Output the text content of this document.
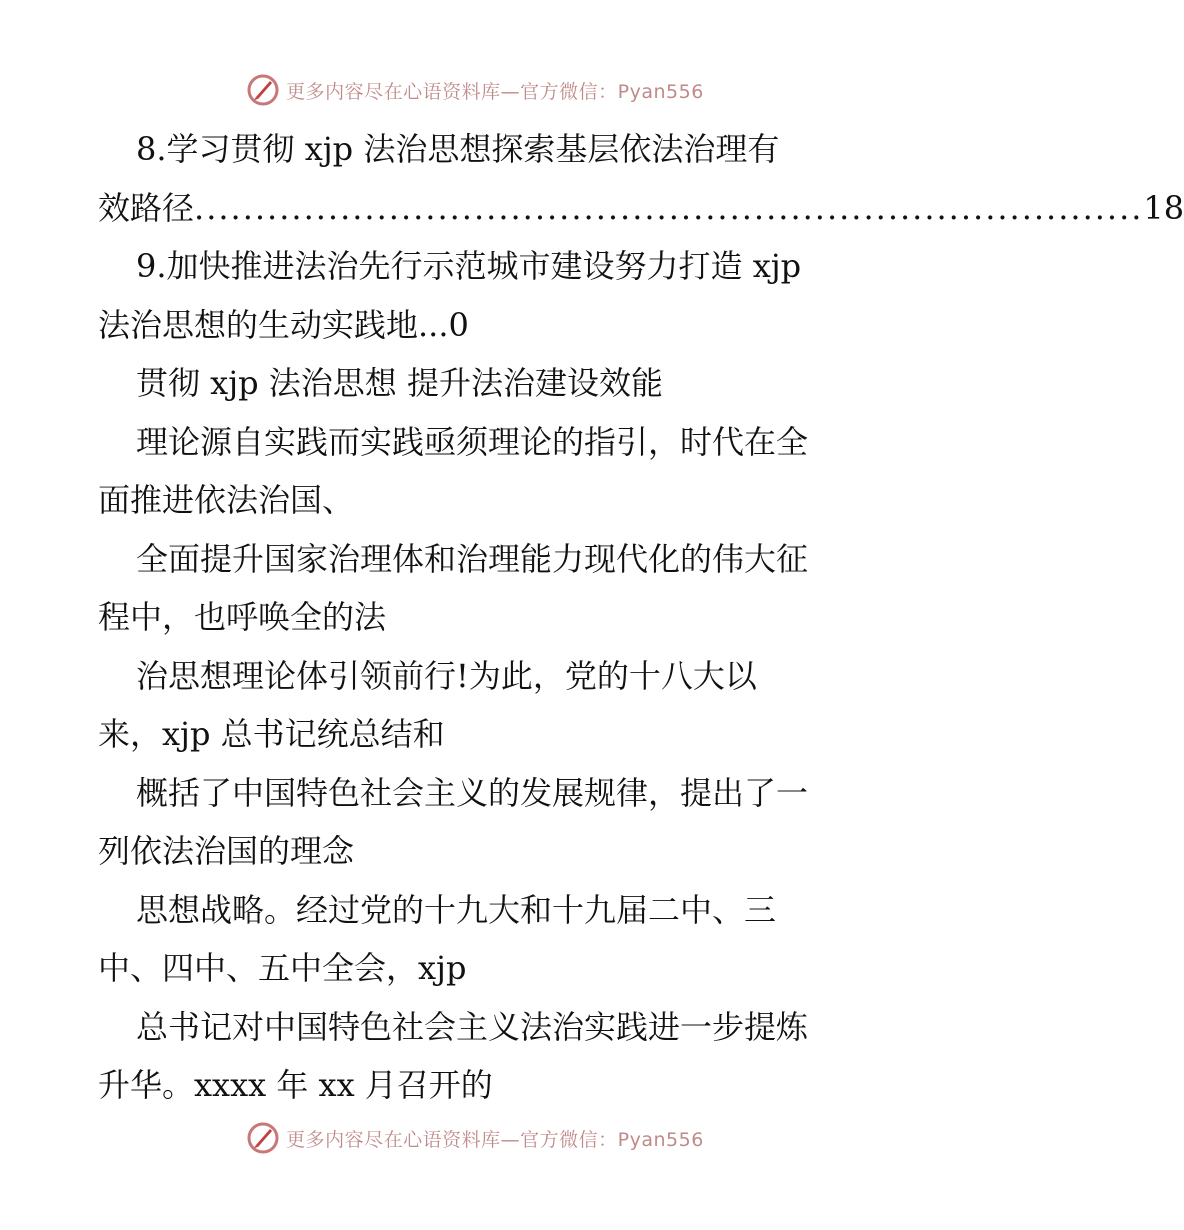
更多内容尽在心语资料库—官方微信：Pyan556
8.学习贯彻 xjp 法治思想探索基层依法治理有
效路径 .............................................................................. 18
9.加快推进法治先行示范城市建设努力打造 xjp
法治思想的生动实践地...0
贯彻 xjp 法治思想 提升法治建设效能
理论源自实践而实践亟须理论的指引，时代在全
面推进依法治国、
全面提升国家治理体和治理能力现代化的伟大征
程中，也呼唤全的法
治思想理论体引领前行!为此，党的十八大以
来，xjp 总书记统总结和
概括了中国特色社会主义的发展规律，提出了一
列依法治国的理念
思想战略。经过党的十九大和十九届二中、三
中、四中、五中全会，xjp
总书记对中国特色社会主义法治实践进一步提炼
升华。xxxx 年 xx 月召开的
更多内容尽在心语资料库—官方微信：Pyan556
